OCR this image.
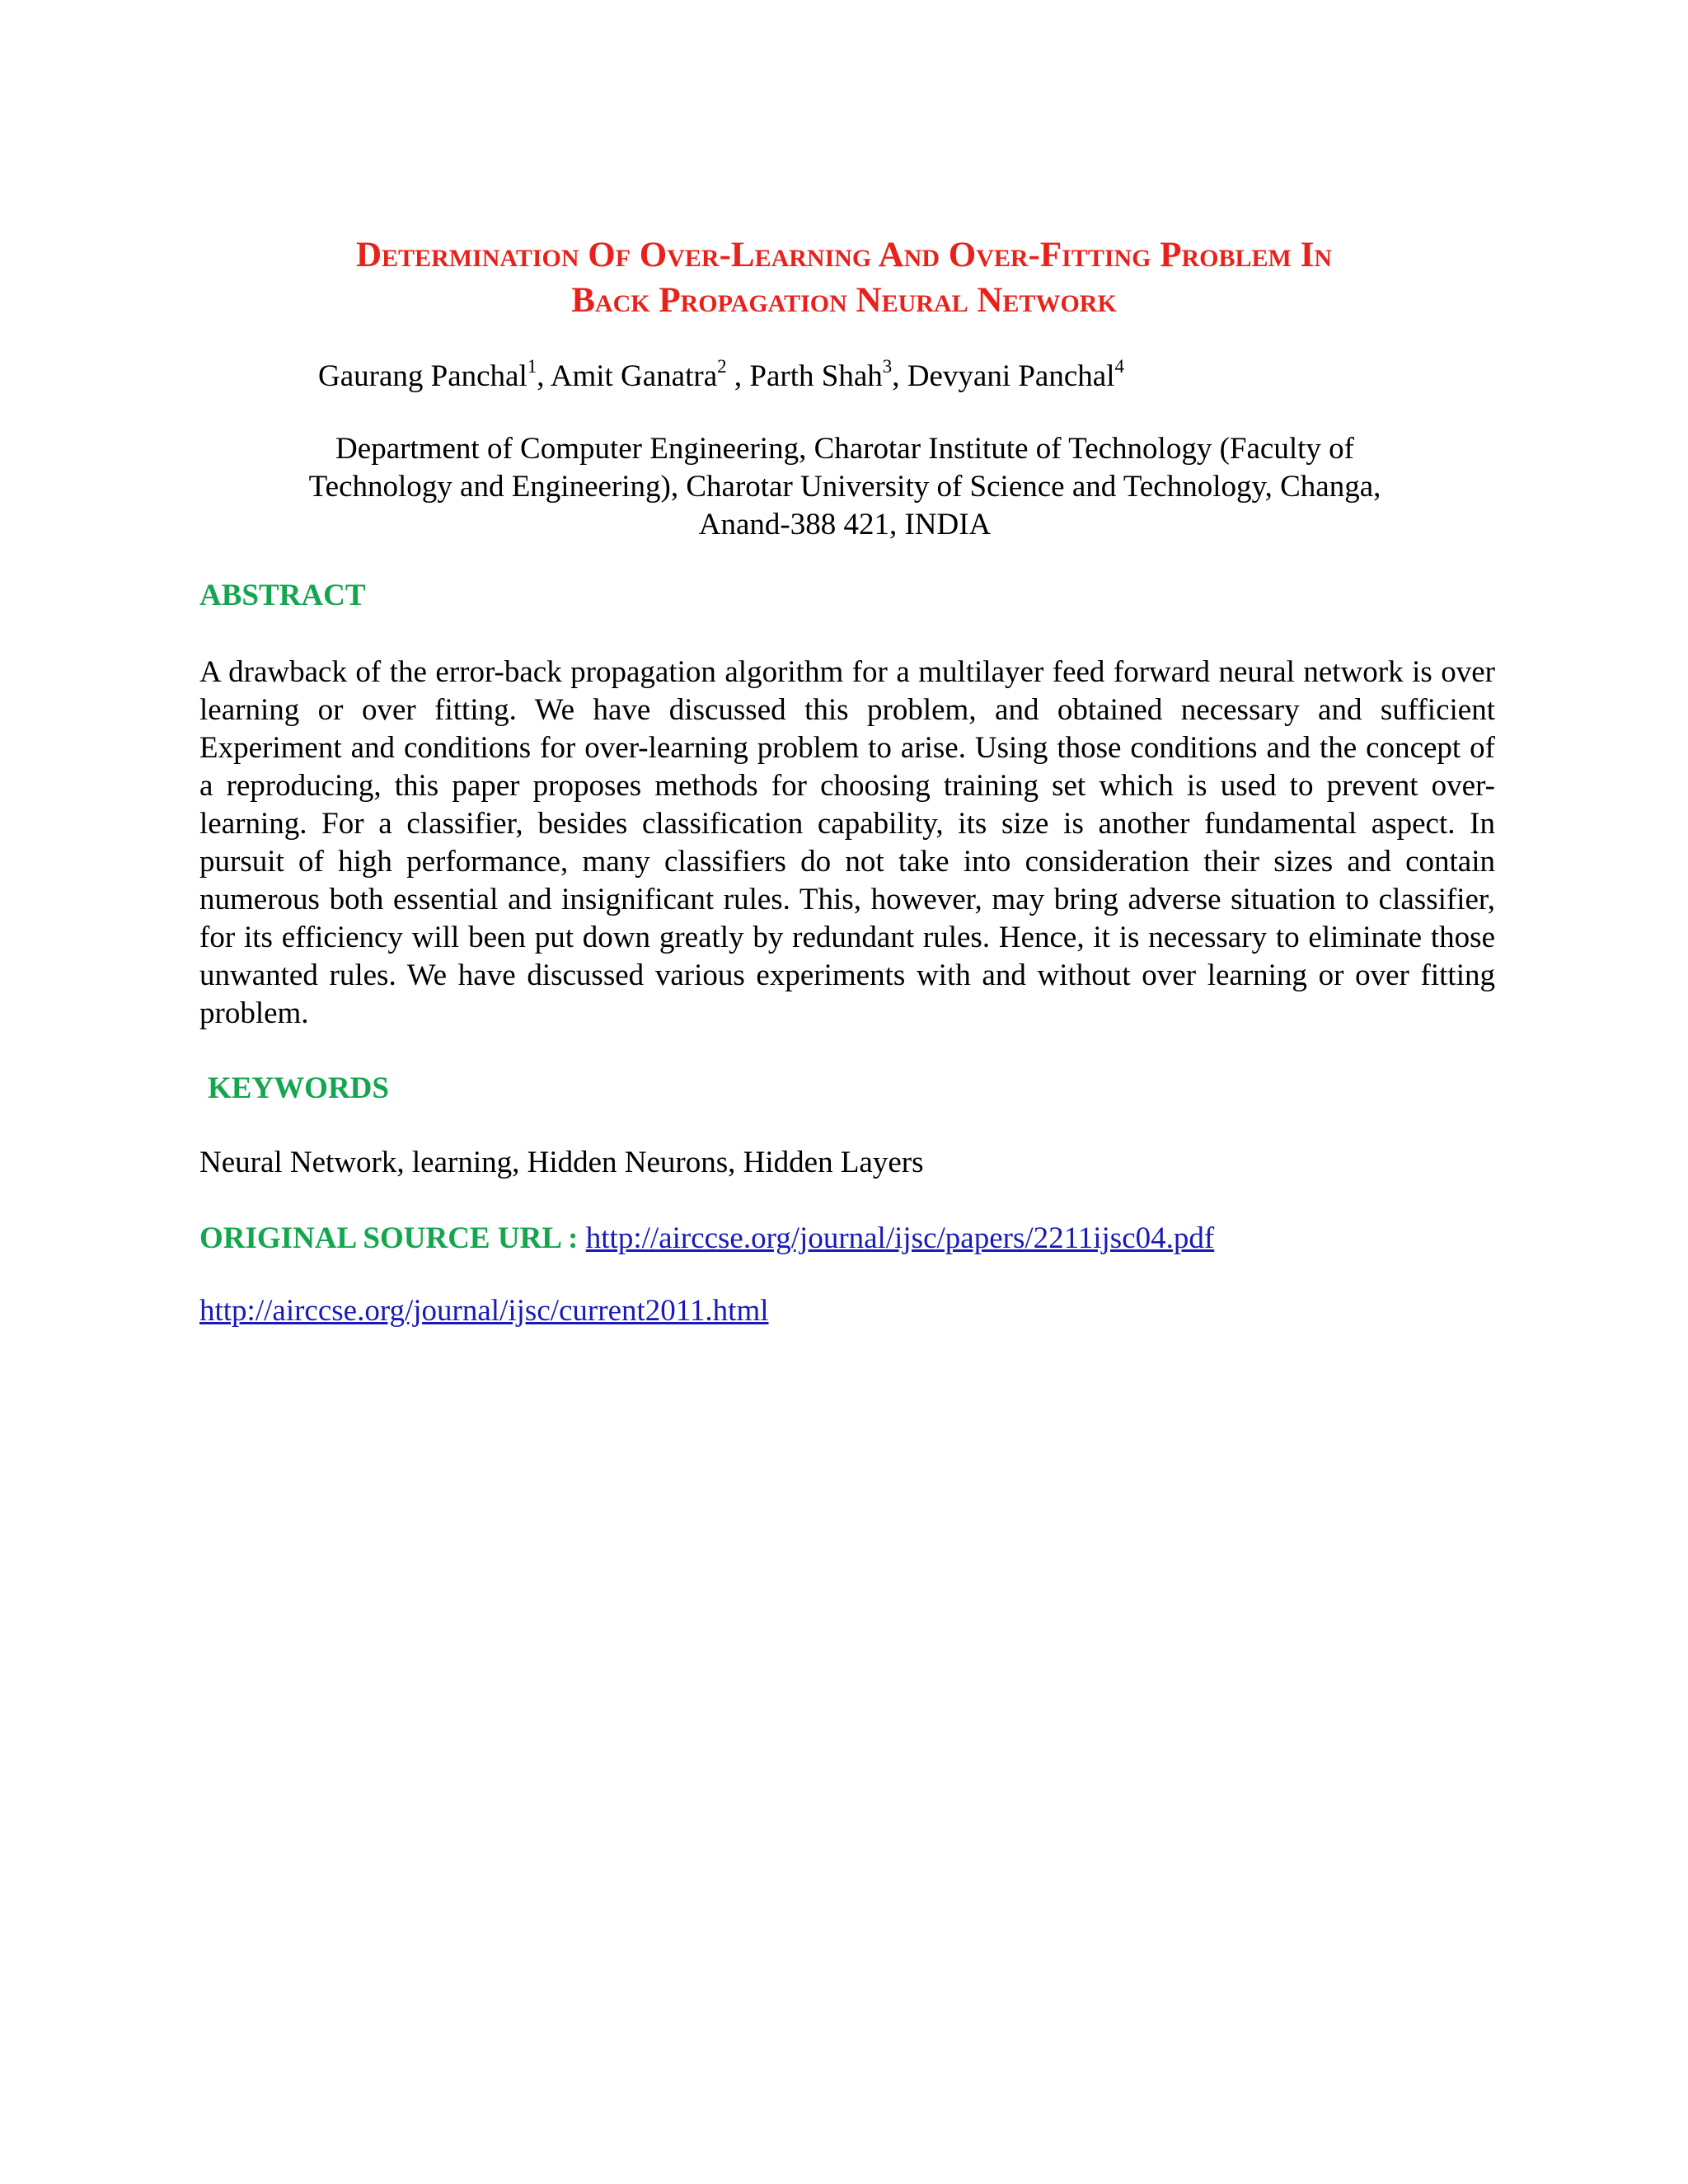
Determination Of Over-Learning And Over-Fitting Problem In
Back Propagation Neural Network
Gaurang Panchal$^1$, Amit Ganatra$^2$ , Parth Shah$^3$, Devyani Panchal$^4$
Department of Computer Engineering, Charotar Institute of Technology (Faculty of
Technology and Engineering), Charotar University of Science and Technology, Changa,
Anand-388 421, INDIA
ABSTRACT
A drawback of the error-back propagation algorithm for a multilayer feed forward neural network is over learning or over fitting. We have discussed this problem, and obtained necessary and sufficient Experiment and conditions for over-learning problem to arise. Using those conditions and the concept of a reproducing, this paper proposes methods for choosing training set which is used to prevent over-learning. For a classifier, besides classification capability, its size is another fundamental aspect. In pursuit of high performance, many classifiers do not take into consideration their sizes and contain numerous both essential and insignificant rules. This, however, may bring adverse situation to classifier, for its efficiency will been put down greatly by redundant rules. Hence, it is necessary to eliminate those unwanted rules. We have discussed various experiments with and without over learning or over fitting problem.
KEYWORDS
Neural Network, learning, Hidden Neurons, Hidden Layers
ORIGINAL SOURCE URL : http://airccse.org/journal/ijsc/papers/2211ijsc04.pdf
http://airccse.org/journal/ijsc/current2011.html
